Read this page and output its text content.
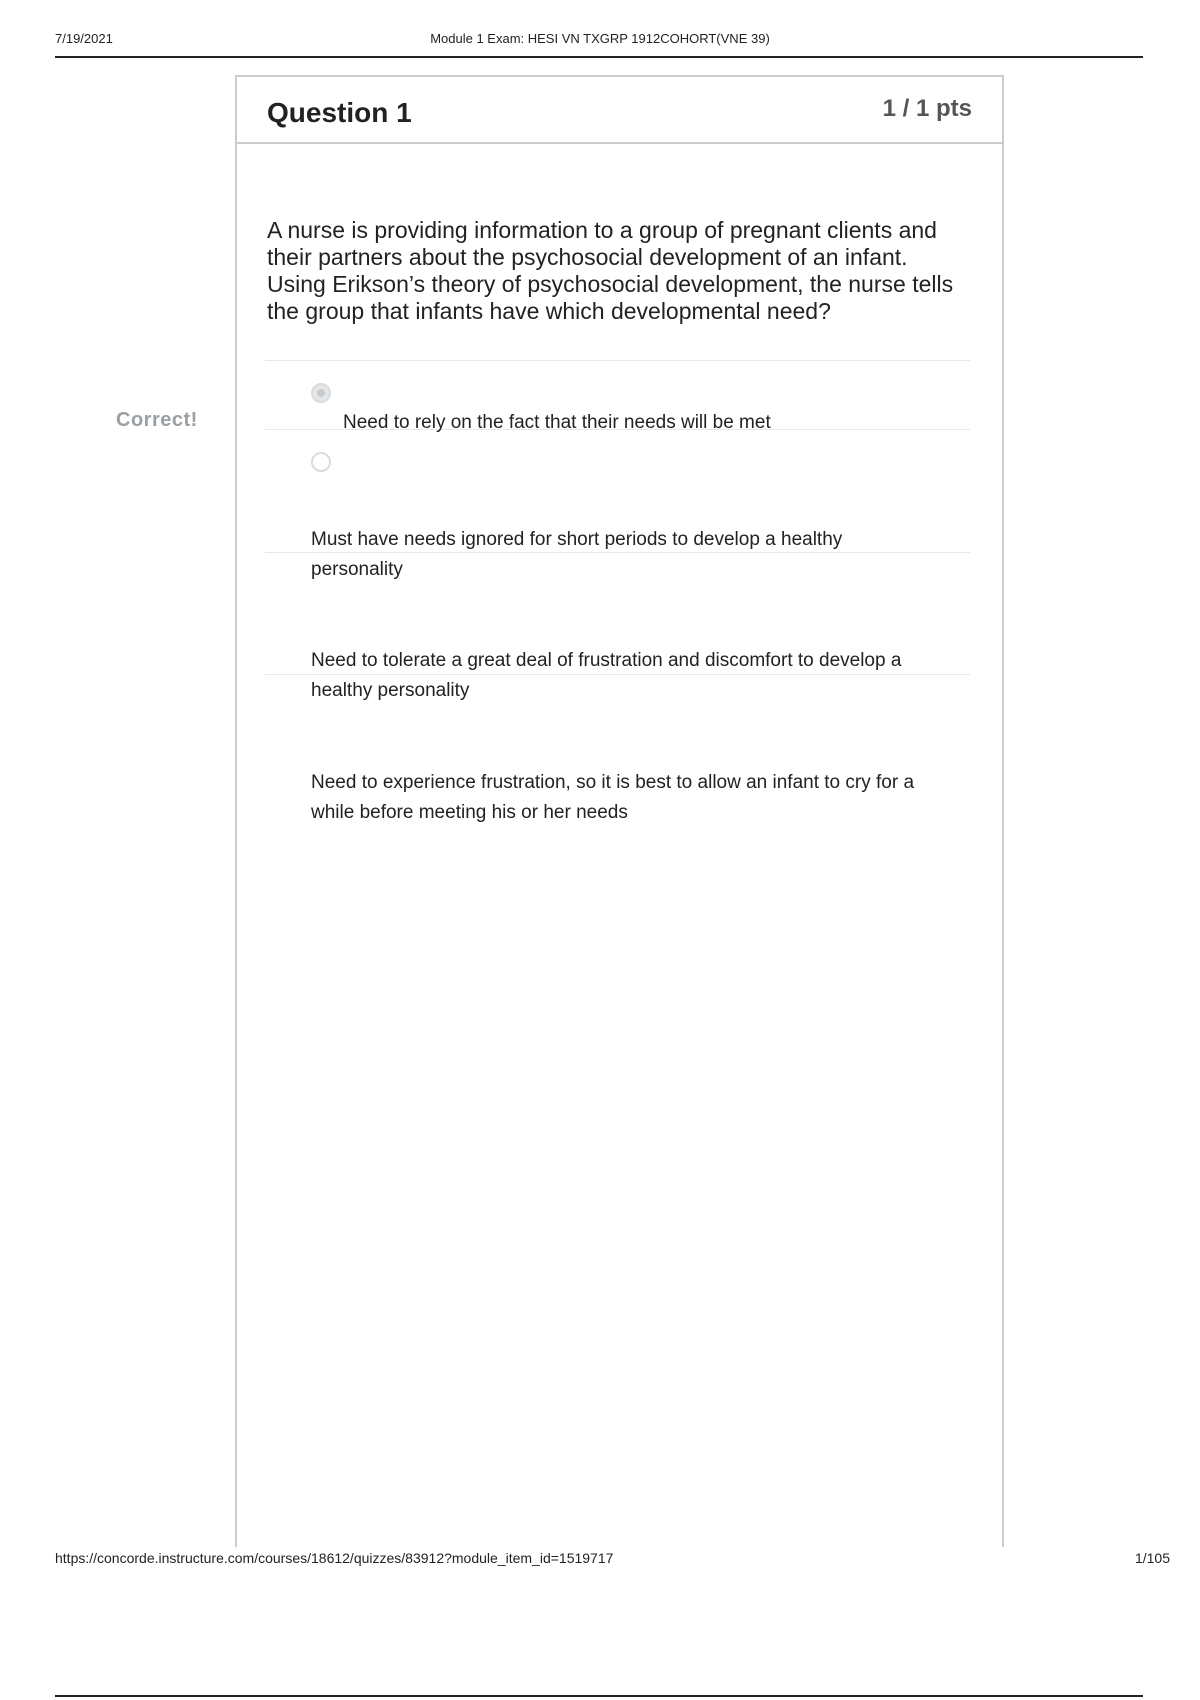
7/19/2021	Module 1 Exam: HESI VN TXGRP 1912COHORT(VNE 39)
Question 1	1 / 1 pts
A nurse is providing information to a group of pregnant clients and their partners about the psychosocial development of an infant. Using Erikson’s theory of psychosocial development, the nurse tells the group that infants have which developmental need?
Correct!	Need to rely on the fact that their needs will be met
Must have needs ignored for short periods to develop a healthy personality
Need to tolerate a great deal of frustration and discomfort to develop a healthy personality
Need to experience frustration, so it is best to allow an infant to cry for a while before meeting his or her needs
https://concorde.instructure.com/courses/18612/quizzes/83912?module_item_id=1519717	1/105
